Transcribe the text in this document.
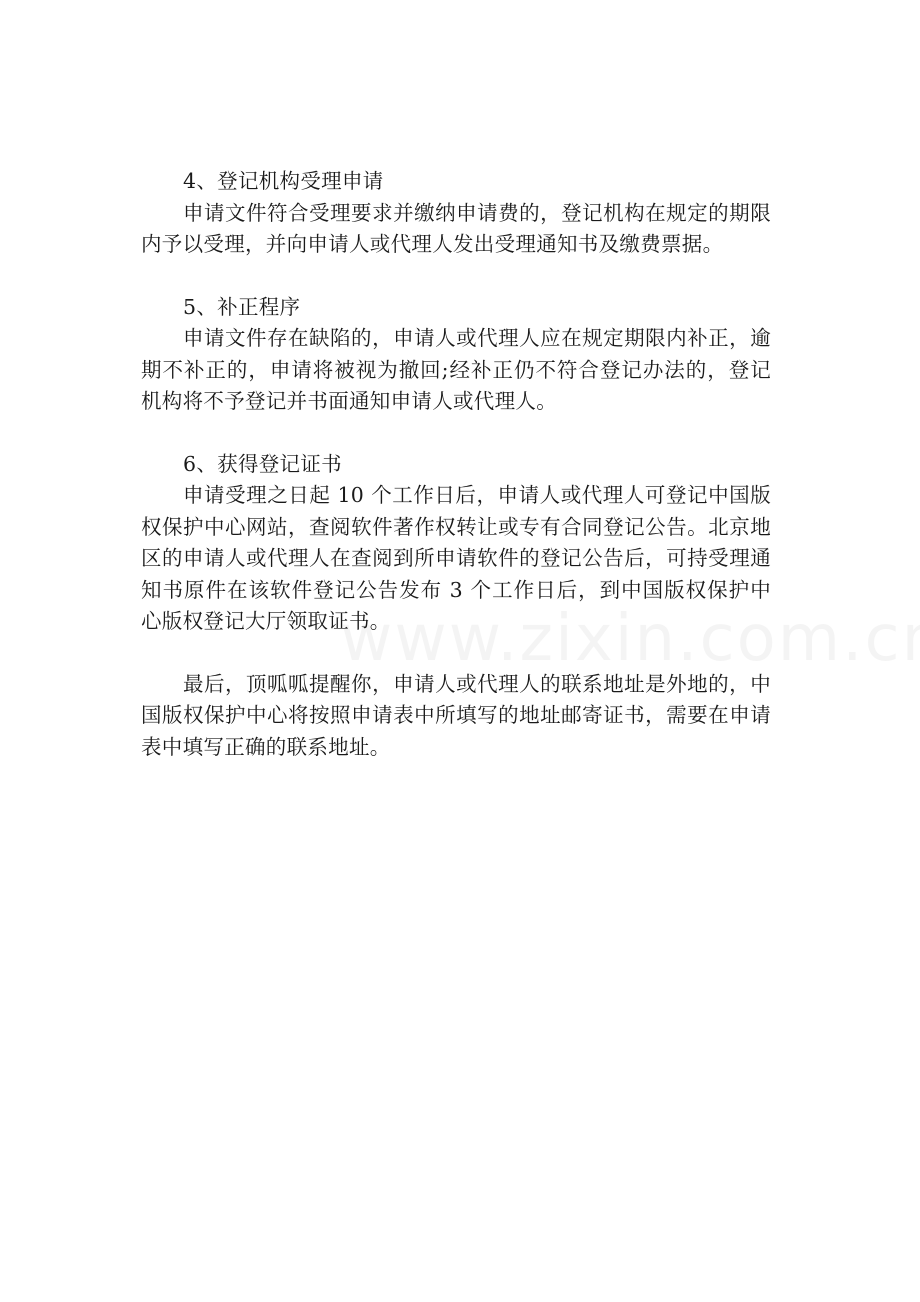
4、登记机构受理申请

申请文件符合受理要求并缴纳申请费的，登记机构在规定的期限内予以受理，并向申请人或代理人发出受理通知书及缴费票据。

5、补正程序

申请文件存在缺陷的，申请人或代理人应在规定期限内补正，逾期不补正的，申请将被视为撤回;经补正仍不符合登记办法的，登记机构将不予登记并书面通知申请人或代理人。

6、获得登记证书

申请受理之日起 10 个工作日后，申请人或代理人可登记中国版权保护中心网站，查阅软件著作权转让或专有合同登记公告。北京地区的申请人或代理人在查阅到所申请软件的登记公告后，可持受理通知书原件在该软件登记公告发布 3 个工作日后，到中国版权保护中心版权登记大厅领取证书。

最后，顶呱呱提醒你，申请人或代理人的联系地址是外地的，中国版权保护中心将按照申请表中所填写的地址邮寄证书，需要在申请表中填写正确的联系地址。
